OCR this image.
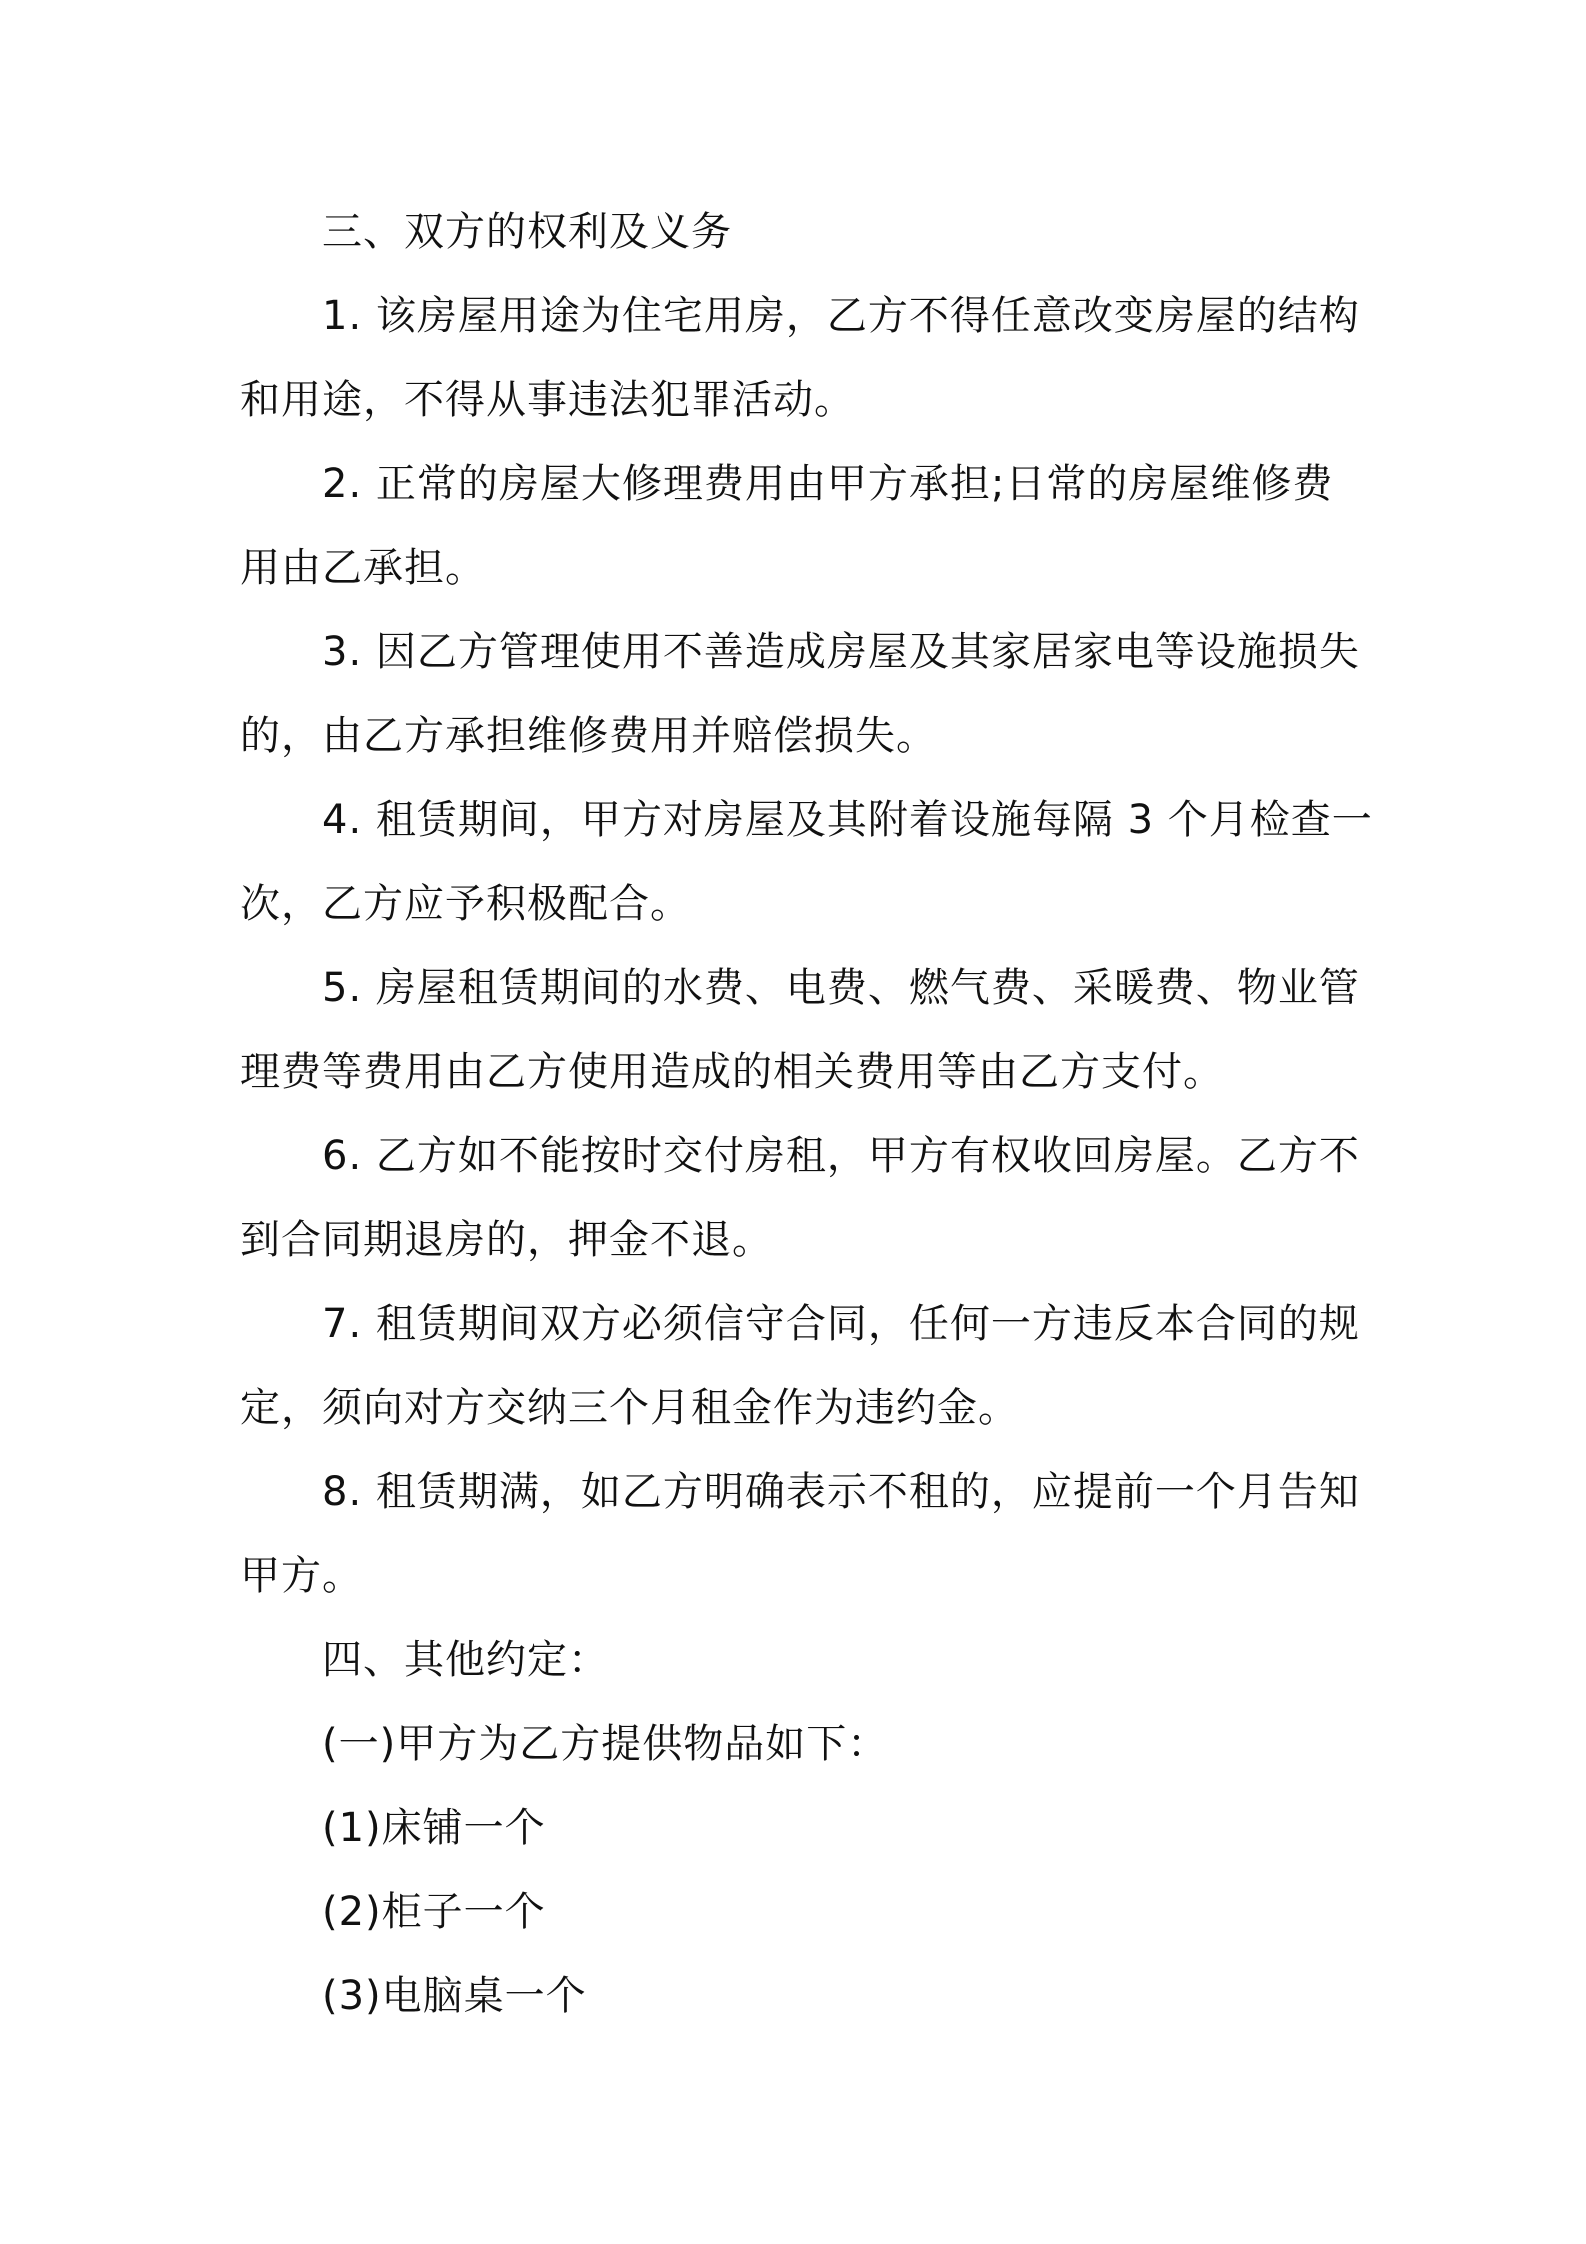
三、双方的权利及义务
1. 该房屋用途为住宅用房，乙方不得任意改变房屋的结构
和用途，不得从事违法犯罪活动。
2. 正常的房屋大修理费用由甲方承担;日常的房屋维修费
用由乙承担。
3. 因乙方管理使用不善造成房屋及其家居家电等设施损失
的，由乙方承担维修费用并赔偿损失。
4. 租赁期间，甲方对房屋及其附着设施每隔 3 个月检查一
次，乙方应予积极配合。
5. 房屋租赁期间的水费、电费、燃气费、采暖费、物业管
理费等费用由乙方使用造成的相关费用等由乙方支付。
6. 乙方如不能按时交付房租，甲方有权收回房屋。乙方不
到合同期退房的，押金不退。
7. 租赁期间双方必须信守合同，任何一方违反本合同的规
定，须向对方交纳三个月租金作为违约金。
8. 租赁期满，如乙方明确表示不租的，应提前一个月告知
甲方。
四、其他约定：
(一)甲方为乙方提供物品如下：
(1)床铺一个
(2)柜子一个
(3)电脑桌一个
